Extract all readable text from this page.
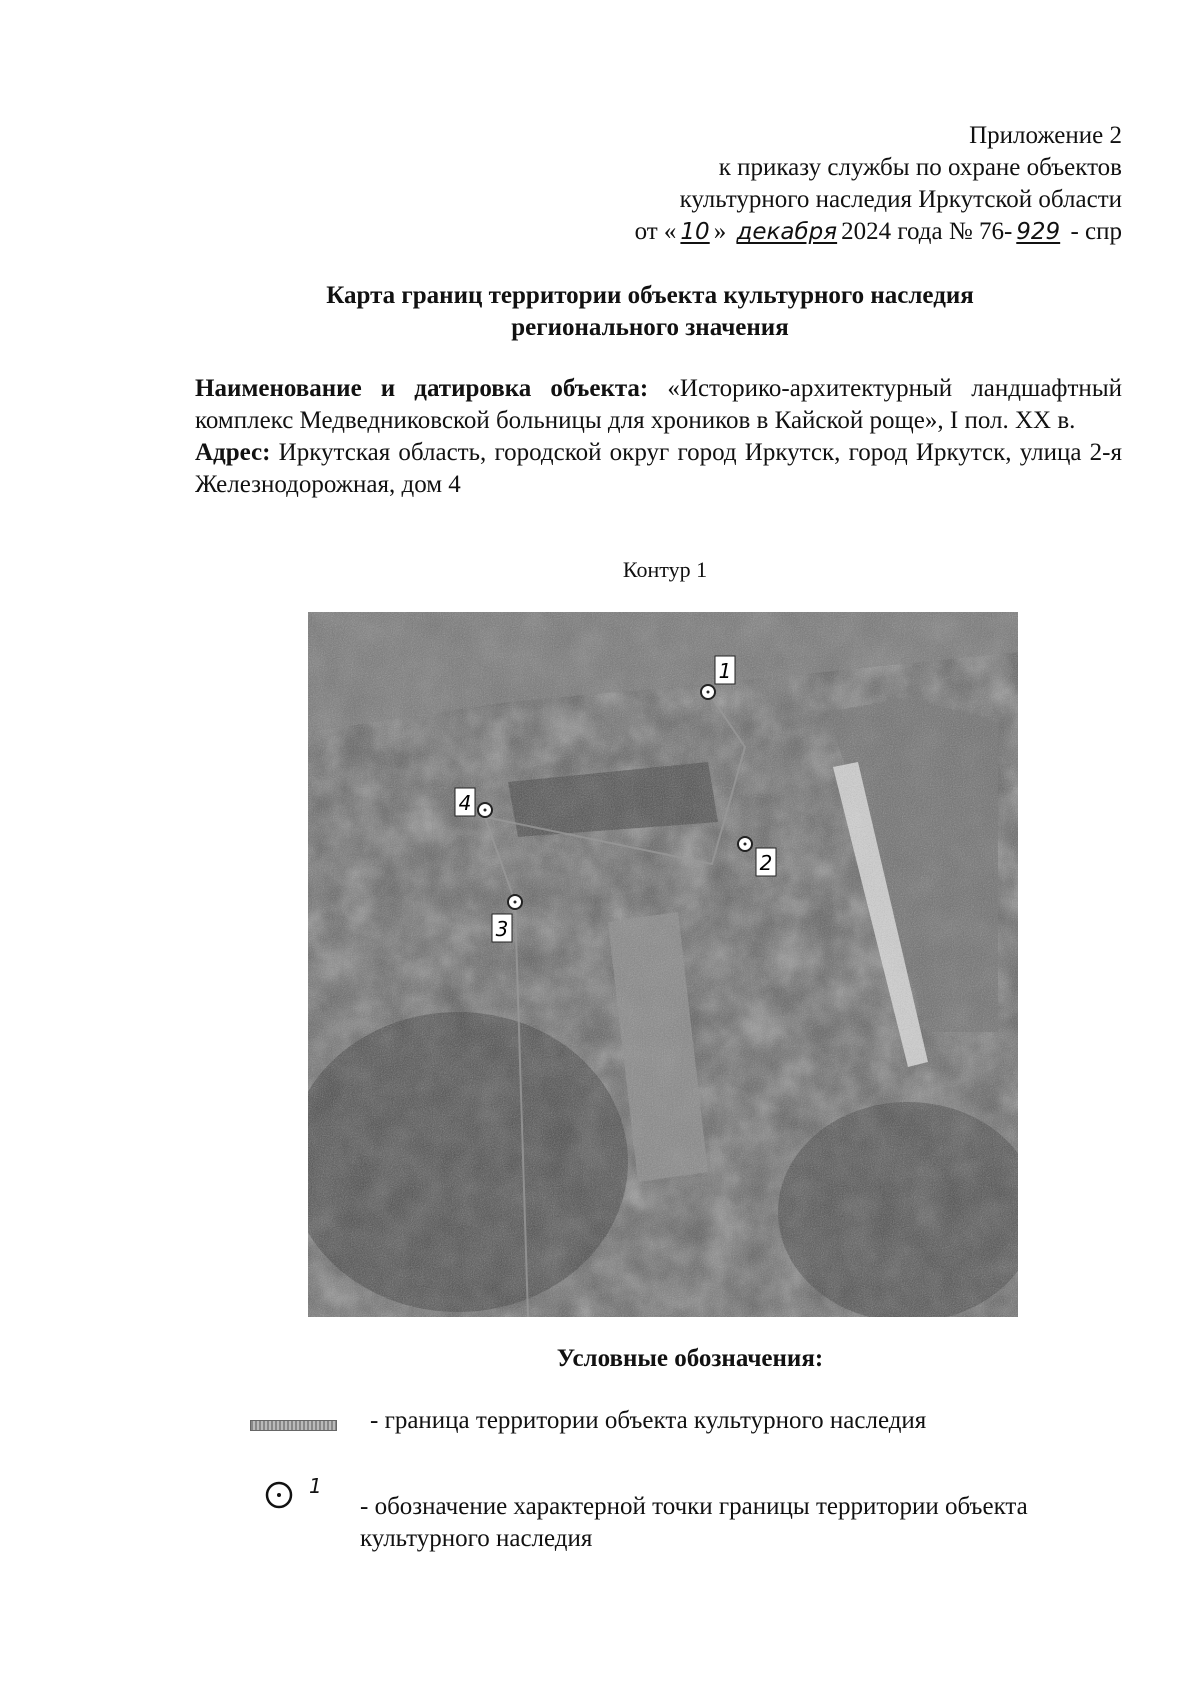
Приложение 2
к приказу службы по охране объектов
культурного наследия Иркутской области
от « 10 » декабря 2024 года № 76- 929 - спр
Карта границ территории объекта культурного наследия
регионального значения
Наименование и датировка объекта: «Историко-архитектурный ландшафтный комплекс Медведниковской больницы для хроников в Кайской роще», I пол. XX в.
Адрес: Иркутская область, городской округ город Иркутск, город Иркутск, улица 2-я Железнодорожная, дом 4
Контур 1
1
2
3
4
Условные обозначения:
- граница территории объекта культурного наследия
1
- обозначение характерной точки границы территории объекта культурного наследия
